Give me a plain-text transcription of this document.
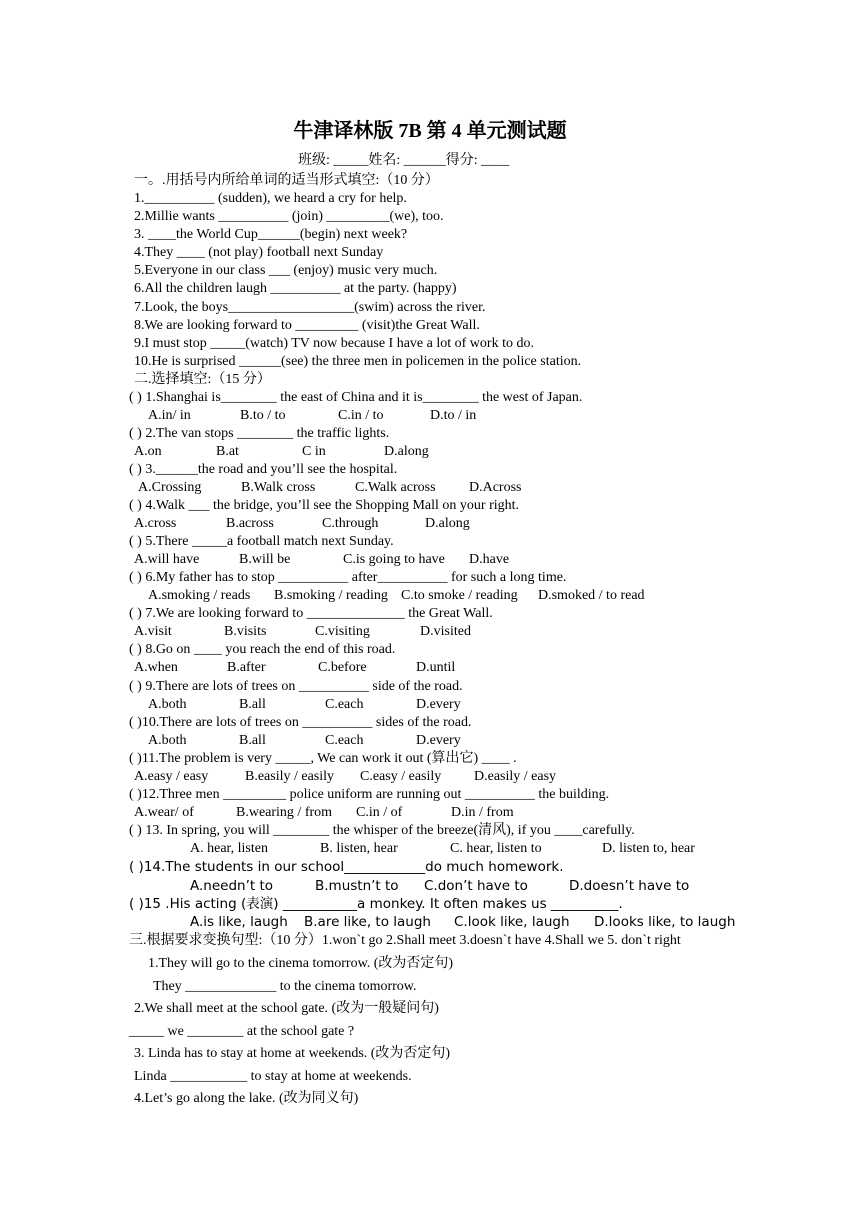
牛津译林版 7B 第 4 单元测试题
班级: _____姓名: ______得分: ____
一。.用括号内所给单词的适当形式填空:（10 分）
1.__________ (sudden), we heard a cry for help.
2.Millie wants __________ (join) _________(we), too.
3. ____the World Cup______(begin) next week?
4.They ____ (not play) football next Sunday
5.Everyone in our class ___ (enjoy) music very much.
6.All the children laugh __________ at the party. (happy)
7.Look, the boys__________________(swim) across the river.
8.We are looking forward to _________ (visit)the Great Wall.
9.I must stop _____(watch) TV now because I have a lot of work to do.
10.He is surprised ______(see) the three men in policemen in the police station.
二.选择填空:（15 分）
( ) 1.Shanghai is________ the east of China and it is________ the west of Japan.
A.in/ in	B.to / to	C.in / to	D.to / in
( ) 2.The van stops ________ the traffic lights.
A.on	B.at	C in	D.along
( ) 3.______the road and you’ll see the hospital.
A.Crossing	B.Walk cross	C.Walk across D.Across
( ) 4.Walk ___ the bridge, you’ll see the Shopping Mall on your right.
A.cross	B.across	C.through	D.along
( ) 5.There _____a football match next Sunday.
A.will have	B.will be	C.is going to have D.have
( ) 6.My father has to stop __________ after__________ for such a long time.
A.smoking / reads B.smoking / reading C.to smoke / reading D.smoked / to read
( ) 7.We are looking forward to ______________ the Great Wall.
A.visit	B.visits	C.visiting	D.visited
( ) 8.Go on ____ you reach the end of this road.
A.when	B.after	C.before	D.until
( ) 9.There are lots of trees on __________ side of the road.
A.both	B.all	C.each	D.every
( )10.There are lots of trees on __________ sides of the road.
A.both	B.all	C.each	D.every
( )11.The problem is very _____, We can work it out (算出它) ____ .
A.easy / easy	B.easily / easily C.easy / easily D.easily / easy
( )12.Three men _________ police uniform are running out __________ the building.
A.wear/ of	B.wearing / from C.in / of	D.in / from
( ) 13. In spring, you will ________ the whisper of the breeze(清风), if you ____carefully.
A. hear, listen	B. listen, hear	C. hear, listen to	D. listen to, hear
( )14.The students in our school____________do much homework.
A.needn’t to	B.mustn’t to C.don’t have to	D.doesn’t have to
( )15 .His acting (表演) ___________a monkey. It often makes us __________.
A.is like, laugh B.are like, to laugh C.look like, laugh D.looks like, to laugh
三.根据要求变换句型:（10 分）1.won`t go 2.Shall meet 3.doesn`t have 4.Shall we 5. don`t right
1.They will go to the cinema tomorrow. (改为否定句)
They _____________ to the cinema tomorrow.
2.We shall meet at the school gate. (改为一般疑问句)
_____ we ________ at the school gate ?
3. Linda has to stay at home at weekends. (改为否定句)
Linda ___________ to stay at home at weekends.
4.Let’s go along the lake. (改为同义句)
